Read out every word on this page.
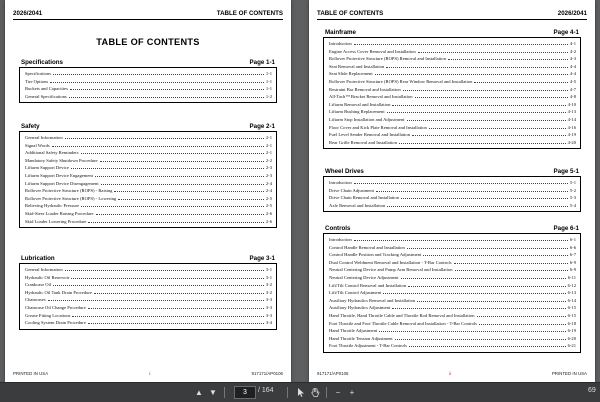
2026/2041	TABLE OF CONTENTS
TABLE OF CONTENTS
Specifications	Page 1-1
Specifications	1-1
Tire Options	1-1
Buckets and Capacities	1-1
General Specifications	1-2
Safety	Page 2-1
General Information	2-1
Signal Words	2-1
Additional Safety Reminders	2-1
Mandatory Safety Shutdown Procedure	2-2
Liftarm Support Device	2-3
Liftarm Support Device Engagement	2-3
Liftarm Support Device Disengagement	2-4
Rollover Protective Structure (ROPS) - Raising	2-4
Rollover Protective Structure (ROPS) - Lowering	2-5
Relieving Hydraulic Pressure	2-5
Skid-Steer Loader Raising Procedure	2-6
Skid Loader Lowering Procedure	2-6
Lubrication	Page 3-1
General Information	3-1
Hydraulic Oil Reservoir	3-1
Crankcase Oil	3-2
Hydraulic Oil Tank Drain Procedure	3-2
Chaincases	3-3
Chaincase Oil Change Procedure	3-3
Grease Fitting Locations	3-3
Cooling System Drain Procedure	3-4
PRINTED IN USA	i	917171/AP0106
TABLE OF CONTENTS	2026/2041
Mainframe	Page 4-1
Introduction	4-1
Engine Access Cover Removal and Installation	4-2
Rollover Protective Structure (ROPS) Removal and Installation	4-3
Seat Removal and Installation	4-4
Seat Slide Replacement	4-4
Rollover Protective Structure (ROPS) Rear Window Removal and Installation	4-5
Restraint Bar Removal and Installation	4-7
All-Tach™ Bracket Removal and Installation	4-8
Liftarm Removal and Installation	4-10
Liftarm Bushing Replacement	4-13
Liftarm Stop Installation and Adjustment	4-14
Floor Cover and Kick Plate Removal and Installation	4-16
Fuel Level Sender Removal and Installation	4-19
Rear Grille Removal and Installation	4-20
Wheel Drives	Page 5-1
Introduction	5-1
Drive Chain Adjustment	5-2
Drive Chain Removal and Installation	5-3
Axle Removal and Installation	5-4
Controls	Page 6-1
Introduction	6-1
Control Handle Removal and Installation	6-6
Control Handle Position and Tracking Adjustment	6-7
Dual Control Weldment Removal and Installation - T-Bar Controls	6-9
Neutral Centering Device and Pump Arm Removal and Installation	6-9
Neutral Centering Device Adjustment	6-11
Lift/Tilt Control Removal and Installation	6-12
Lift/Tilt Control Adjustment	6-13
Auxiliary Hydraulics Removal and Installation	6-14
Auxiliary Hydraulics Adjustment	6-15
Hand Throttle, Hand Throttle Cable and Throttle Rod Removal and Installation	6-15
Foot Throttle and Foot Throttle Cable Removal and Installation - T-Bar Controls	6-18
Hand Throttle Adjustment	6-19
Hand Throttle Tension Adjustment	6-20
Foot Throttle Adjustment - T-Bar Controls	6-21
917171/AP0106	ii	PRINTED IN USA
▲ ▼	3	/ 164	−	+	69
